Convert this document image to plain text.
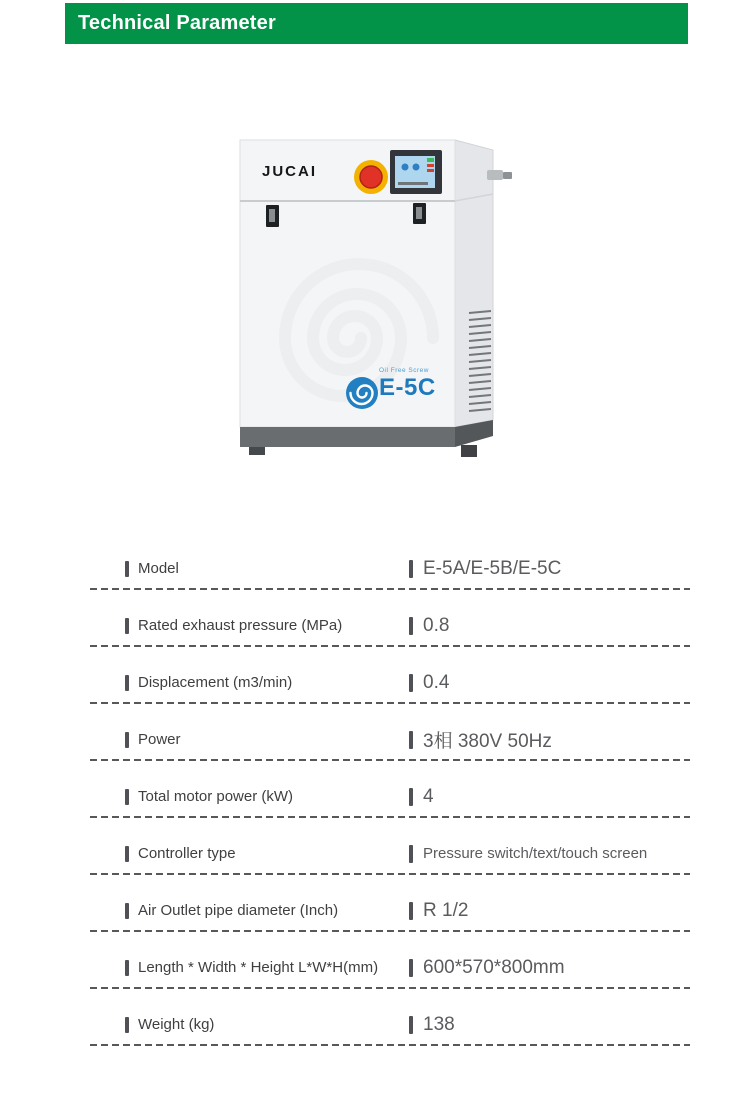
Technical Parameter
JUCAI
Oil Free Screw
E-5C
Model	E-5A/E-5B/E-5C
Rated exhaust pressure (MPa)	0.8
Displacement (m3/min)	0.4
Power	3相 380V 50Hz
Total motor power (kW)	4
Controller type	Pressure switch/text/touch screen
Air Outlet pipe diameter (Inch)	R 1/2
Length * Width * Height L*W*H(mm) 600*570*800mm
Weight (kg)	138
